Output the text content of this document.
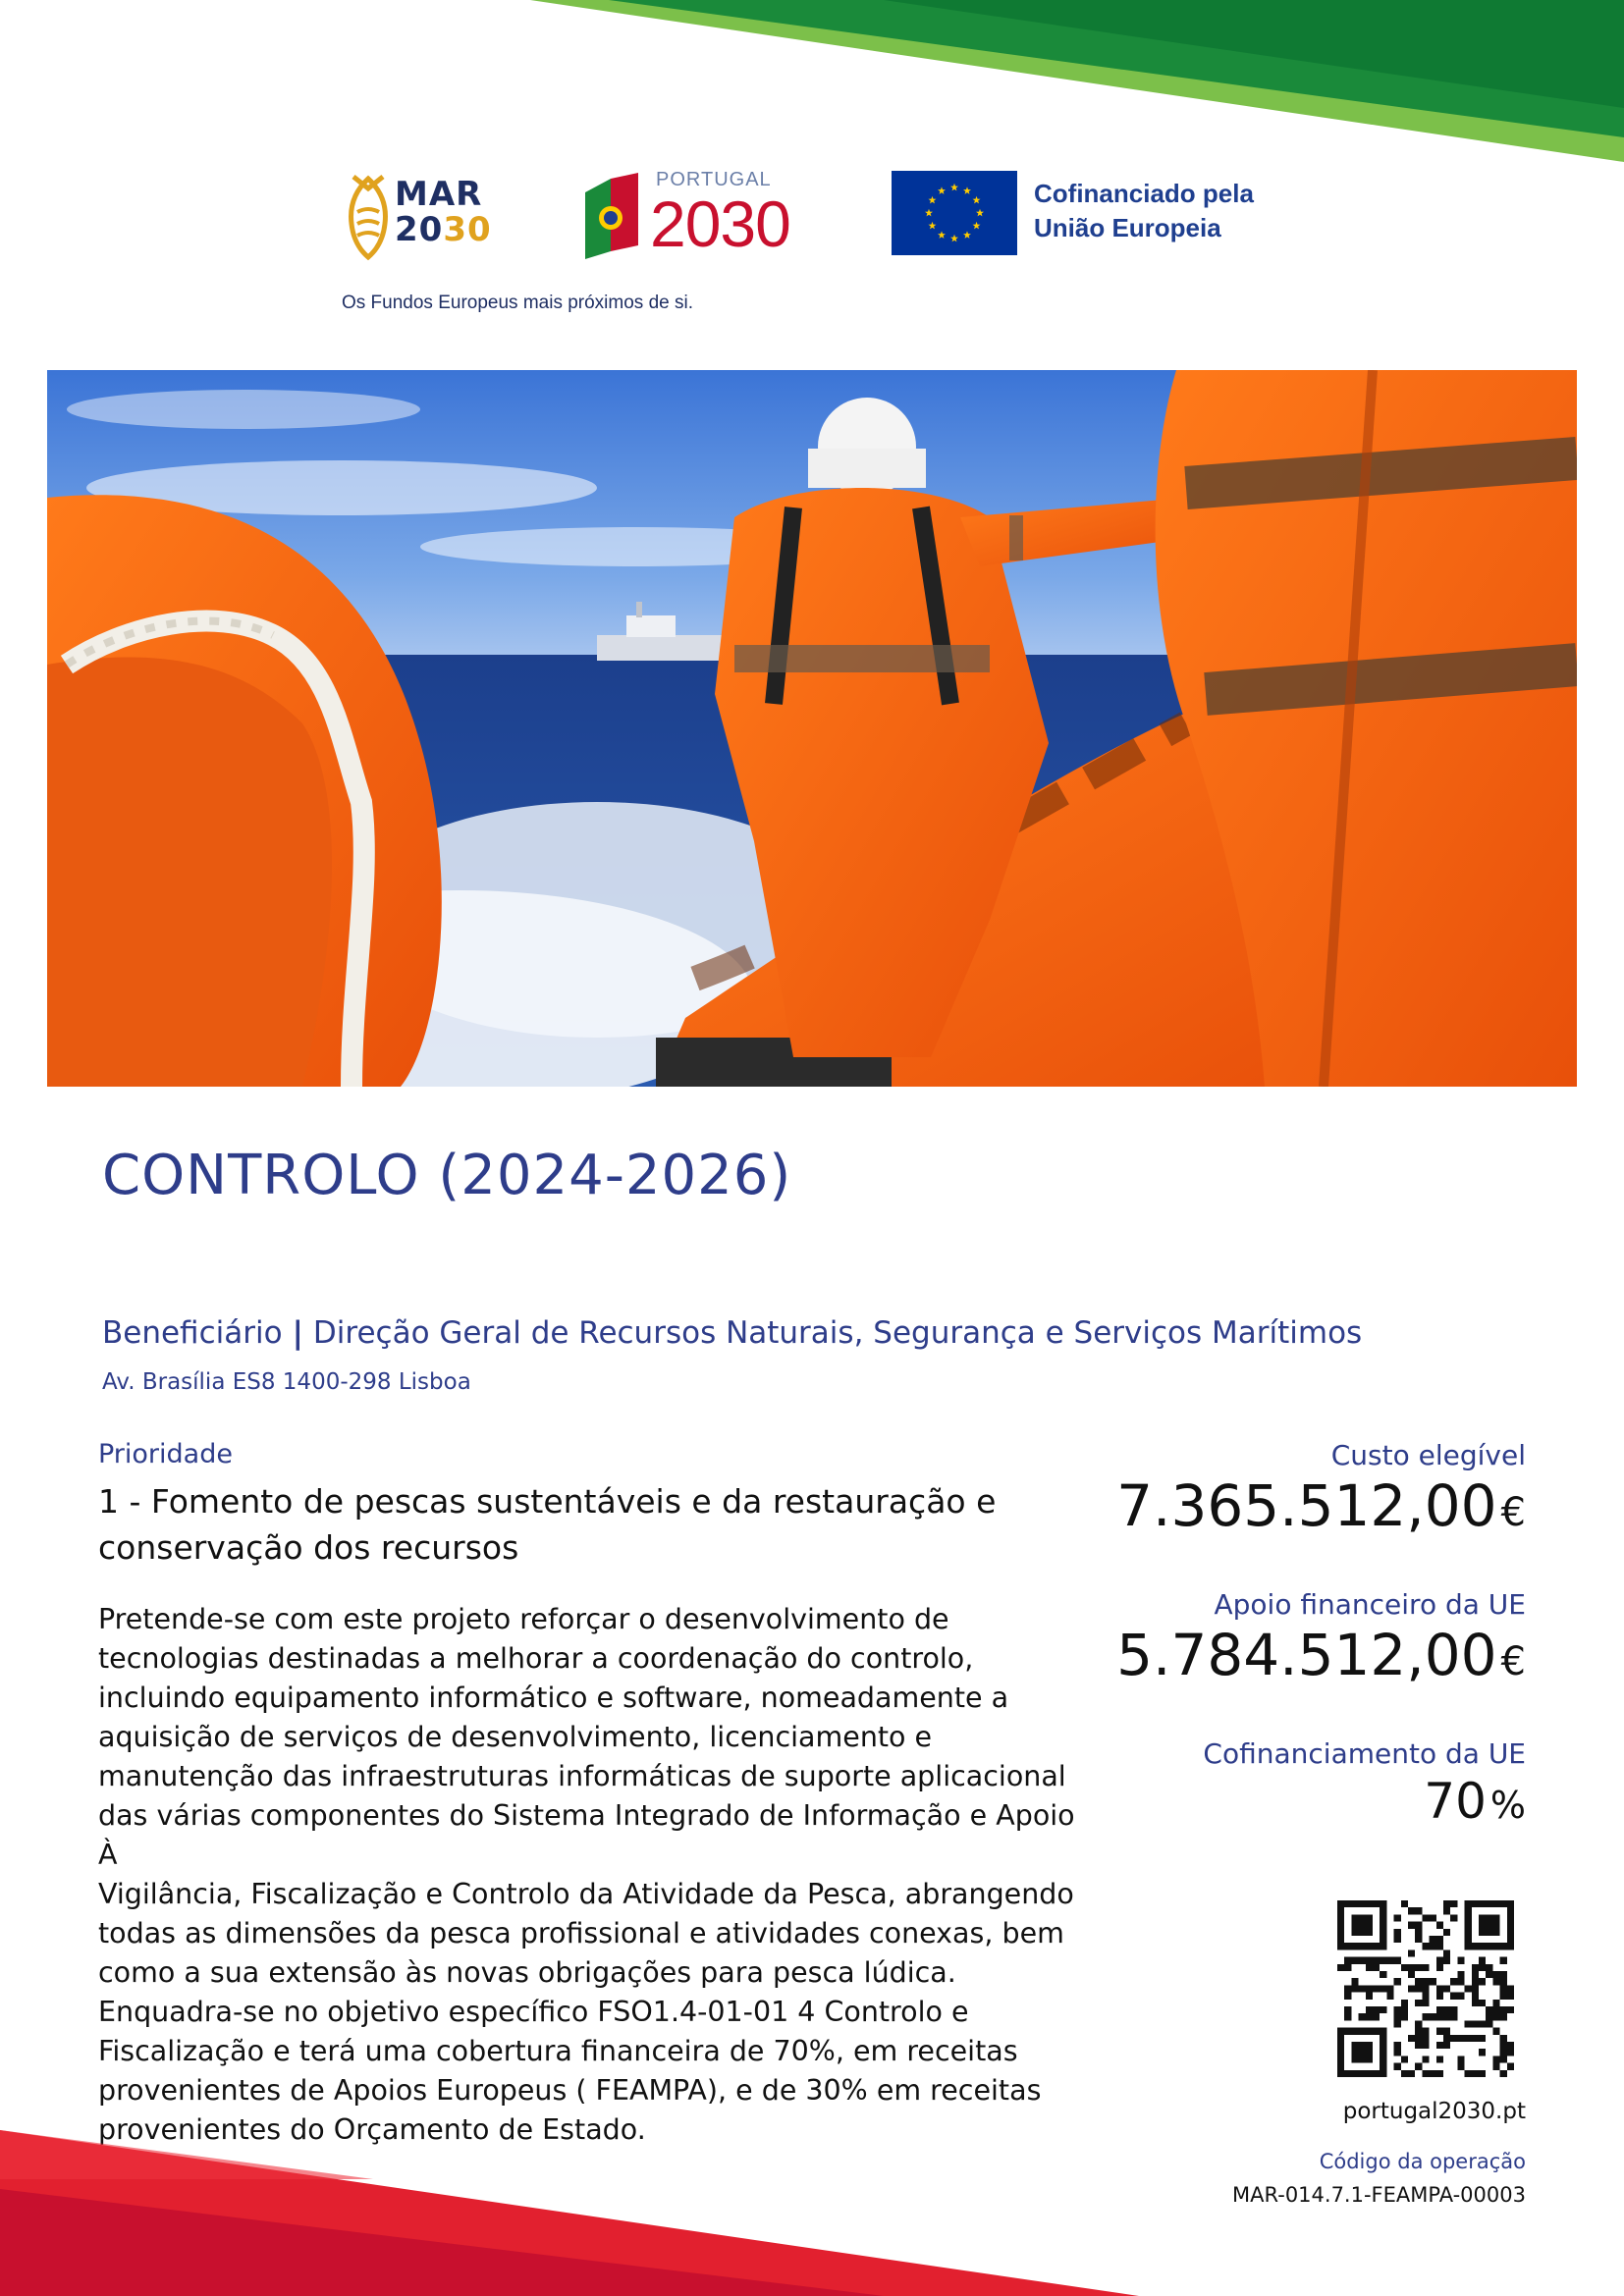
MAR
2030
Os Fundos Europeus mais próximos de si.
PORTUGAL
2030	Cofinanciado pela
União Europeia
CONTROLO (2024-2026)
Beneficiário | Direção Geral de Recursos Naturais, Segurança e Serviços Marítimos
Av. Brasília ES8 1400-298 Lisboa
Prioridade
1 - Fomento de pescas sustentáveis e da restauração e
conservação dos recursos
Pretende-se com este projeto reforçar o desenvolvimento de
tecnologias destinadas a melhorar a coordenação do controlo,
incluindo equipamento informático e software, nomeadamente a
aquisição de serviços de desenvolvimento, licenciamento e
manutenção das infraestruturas informáticas de suporte aplicacional
das várias componentes do Sistema Integrado de Informação e Apoio À
Vigilância, Fiscalização e Controlo da Atividade da Pesca, abrangendo
todas as dimensões da pesca profissional e atividades conexas, bem
como a sua extensão às novas obrigações para pesca lúdica.
Enquadra-se no objetivo específico FSO1.4-01-01 4 Controlo e
Fiscalização e terá uma cobertura financeira de 70%, em receitas
provenientes de Apoios Europeus ( FEAMPA), e de 30% em receitas
provenientes do Orçamento de Estado.
Custo elegível
7.365.512,00 €
Apoio financeiro da UE
5.784.512,00 €
Cofinanciamento da UE
70 %
portugal2030.pt
Código da operação
MAR-014.7.1-FEAMPA-00003
